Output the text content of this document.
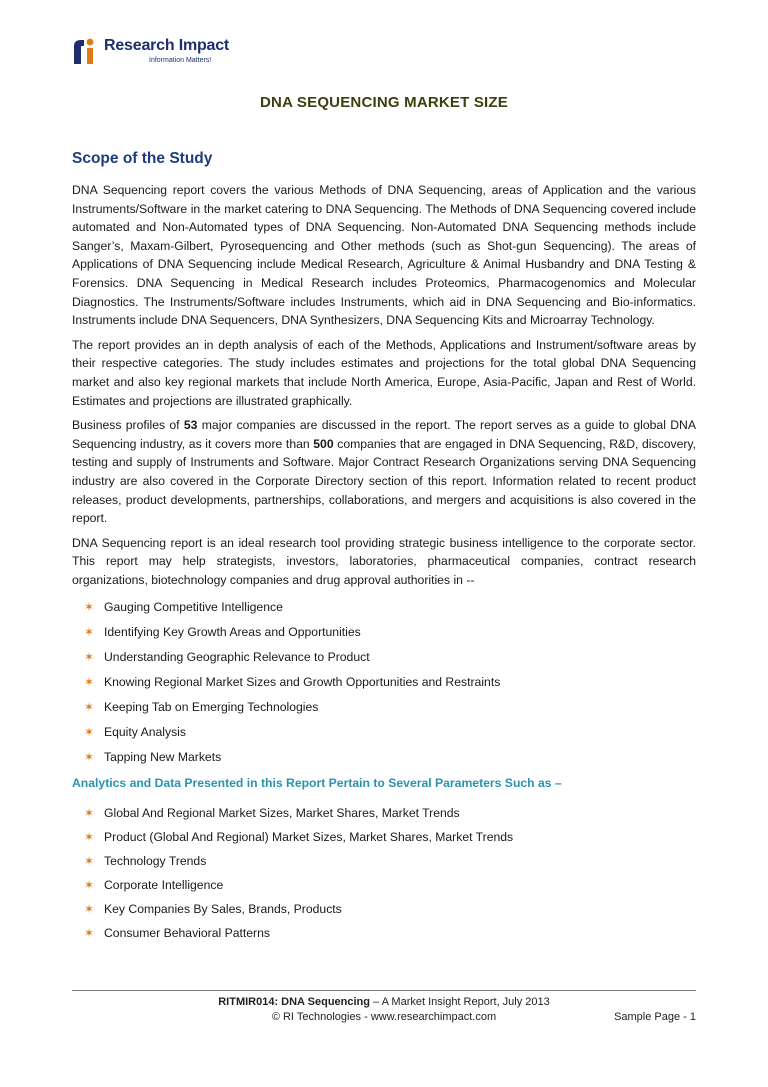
Research Impact
Information Matters!
DNA SEQUENCING MARKET SIZE
Scope of the Study

DNA Sequencing report covers the various Methods of DNA Sequencing, areas of Application and the various Instruments/Software in the market catering to DNA Sequencing. The Methods of DNA Sequencing covered include automated and Non-Automated types of DNA Sequencing. Non-Automated DNA Sequencing methods include Sanger’s, Maxam-Gilbert, Pyrosequencing and Other methods (such as Shot-gun Sequencing). The areas of Applications of DNA Sequencing include Medical Research, Agriculture & Animal Husbandry and DNA Testing & Forensics. DNA Sequencing in Medical Research includes Proteomics, Pharmacogenomics and Molecular Diagnostics. The Instruments/Software includes Instruments, which aid in DNA Sequencing and Bio-informatics. Instruments include DNA Sequencers, DNA Synthesizers, DNA Sequencing Kits and Microarray Technology.

The report provides an in depth analysis of each of the Methods, Applications and Instrument/software areas by their respective categories. The study includes estimates and projections for the total global DNA Sequencing market and also key regional markets that include North America, Europe, Asia-Pacific, Japan and Rest of World. Estimates and projections are illustrated graphically.

Business profiles of 53 major companies are discussed in the report. The report serves as a guide to global DNA Sequencing industry, as it covers more than 500 companies that are engaged in DNA Sequencing, R&D, discovery, testing and supply of Instruments and Software. Major Contract Research Organizations serving DNA Sequencing industry are also covered in the Corporate Directory section of this report. Information related to recent product releases, product developments, partnerships, collaborations, and mergers and acquisitions is also covered in the report.

DNA Sequencing report is an ideal research tool providing strategic business intelligence to the corporate sector. This report may help strategists, investors, laboratories, pharmaceutical companies, contract research organizations, biotechnology companies and drug approval authorities in --

✶ Gauging Competitive Intelligence
✶ Identifying Key Growth Areas and Opportunities
✶ Understanding Geographic Relevance to Product
✶ Knowing Regional Market Sizes and Growth Opportunities and Restraints
✶ Keeping Tab on Emerging Technologies
✶ Equity Analysis
✶ Tapping New Markets
Analytics and Data Presented in this Report Pertain to Several Parameters Such as –
✶ Global And Regional Market Sizes, Market Shares, Market Trends
✶ Product (Global And Regional) Market Sizes, Market Shares, Market Trends
✶ Technology Trends
✶ Corporate Intelligence
✶ Key Companies By Sales, Brands, Products
✶ Consumer Behavioral Patterns
RITMIR014: DNA Sequencing – A Market Insight Report, July 2013
© RI Technologies - www.researchimpact.com	Sample Page - 1
